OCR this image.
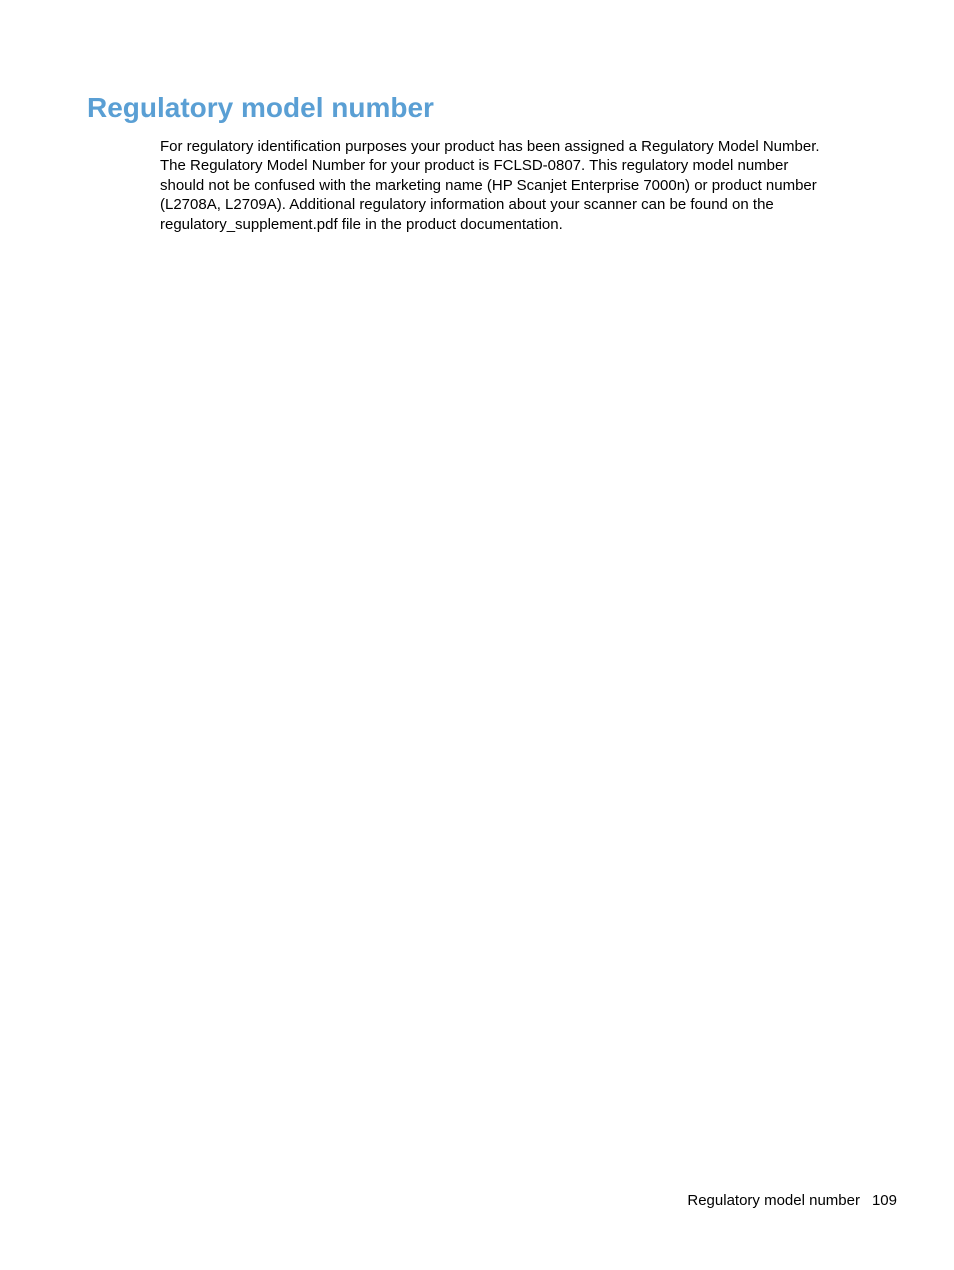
Regulatory model number

For regulatory identification purposes your product has been assigned a Regulatory Model Number.
The Regulatory Model Number for your product is FCLSD-0807. This regulatory model number
should not be confused with the marketing name (HP Scanjet Enterprise 7000n) or product number
(L2708A, L2709A). Additional regulatory information about your scanner can be found on the
regulatory_supplement.pdf file in the product documentation.

Regulatory model number 109
